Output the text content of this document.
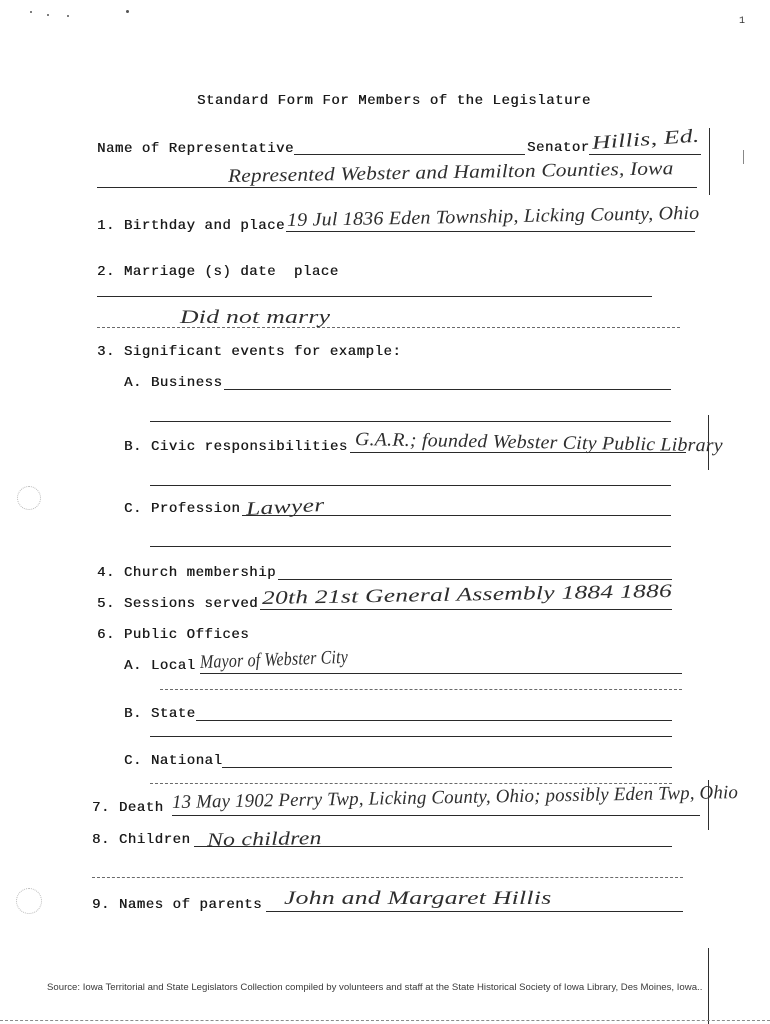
1
Standard Form For Members of the Legislature
Name of Representative	Senator Hillis, Ed.
Represented Webster and Hamilton Counties, Iowa
1. Birthday and place 19 Jul 1836 Eden Township, Licking County, Ohio
2. Marriage (s) date  place
Did not marry
3. Significant events for example:
A. Business
B. Civic responsibilities G.A.R.; founded Webster City Public Library
C. Profession Lawyer
4. Church membership
5. Sessions served 20th 21st General Assembly 1884 1886
6. Public Offices
A. Local Mayor of Webster City
B. State
C. National
7. Death 13 May 1902 Perry Twp, Licking County, Ohio; possibly Eden Twp, Ohio
8. Children No children
9. Names of parents John and Margaret Hillis
Source: Iowa Territorial and State Legislators Collection compiled by volunteers and staff at the State Historical Society of Iowa Library, Des Moines, Iowa..
